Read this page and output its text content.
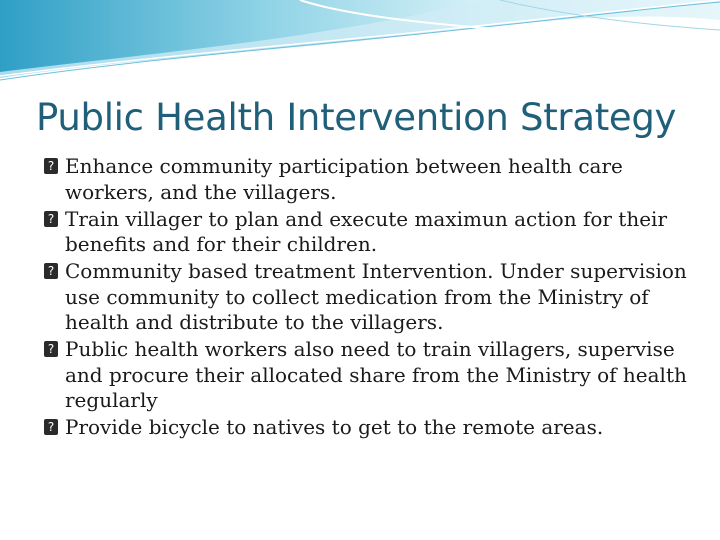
Public Health Intervention Strategy
? Enhance community participation between health care workers, and the villagers.
? Train villager to plan and execute maximun action for their benefits and for their children.
? Community based treatment Intervention. Under supervision use community to collect medication from the Ministry of health and distribute to the villagers.
? Public health workers also need to train villagers, supervise and procure their allocated share from the Ministry of health regularly
? Provide bicycle to natives to get to the remote areas.
